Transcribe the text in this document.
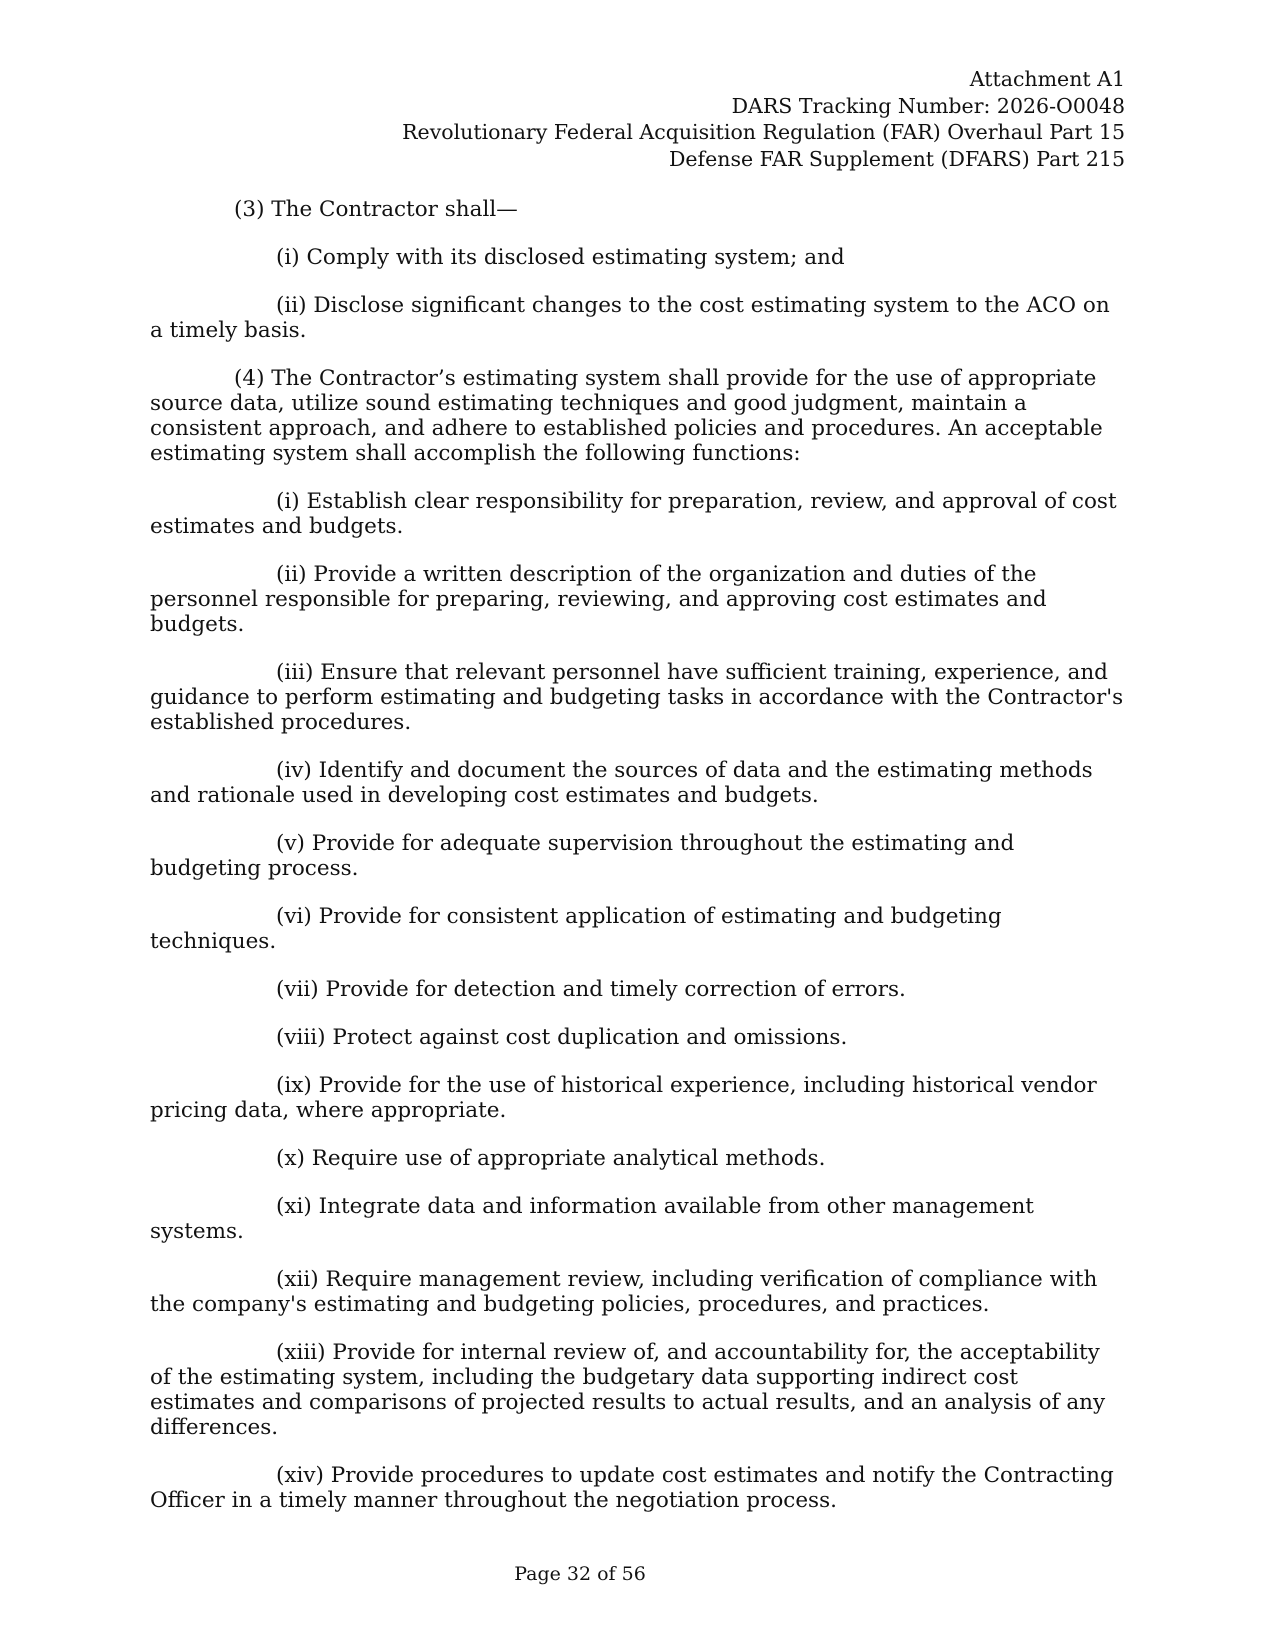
Attachment A1
DARS Tracking Number: 2026-O0048
Revolutionary Federal Acquisition Regulation (FAR) Overhaul Part 15
Defense FAR Supplement (DFARS) Part 215

(3) The Contractor shall—

(i) Comply with its disclosed estimating system; and

(ii) Disclose significant changes to the cost estimating system to the ACO on a timely basis.

(4) The Contractor’s estimating system shall provide for the use of appropriate source data, utilize sound estimating techniques and good judgment, maintain a consistent approach, and adhere to established policies and procedures. An acceptable estimating system shall accomplish the following functions:

(i) Establish clear responsibility for preparation, review, and approval of cost estimates and budgets.

(ii) Provide a written description of the organization and duties of the personnel responsible for preparing, reviewing, and approving cost estimates and budgets.

(iii) Ensure that relevant personnel have sufficient training, experience, and guidance to perform estimating and budgeting tasks in accordance with the Contractor's established procedures.

(iv) Identify and document the sources of data and the estimating methods and rationale used in developing cost estimates and budgets.

(v) Provide for adequate supervision throughout the estimating and budgeting process.

(vi) Provide for consistent application of estimating and budgeting techniques.

(vii) Provide for detection and timely correction of errors.

(viii) Protect against cost duplication and omissions.

(ix) Provide for the use of historical experience, including historical vendor pricing data, where appropriate.

(x) Require use of appropriate analytical methods.

(xi) Integrate data and information available from other management systems.

(xii) Require management review, including verification of compliance with the company's estimating and budgeting policies, procedures, and practices.

(xiii) Provide for internal review of, and accountability for, the acceptability of the estimating system, including the budgetary data supporting indirect cost estimates and comparisons of projected results to actual results, and an analysis of any differences.

(xiv) Provide procedures to update cost estimates and notify the Contracting Officer in a timely manner throughout the negotiation process.

Page 32 of 56
